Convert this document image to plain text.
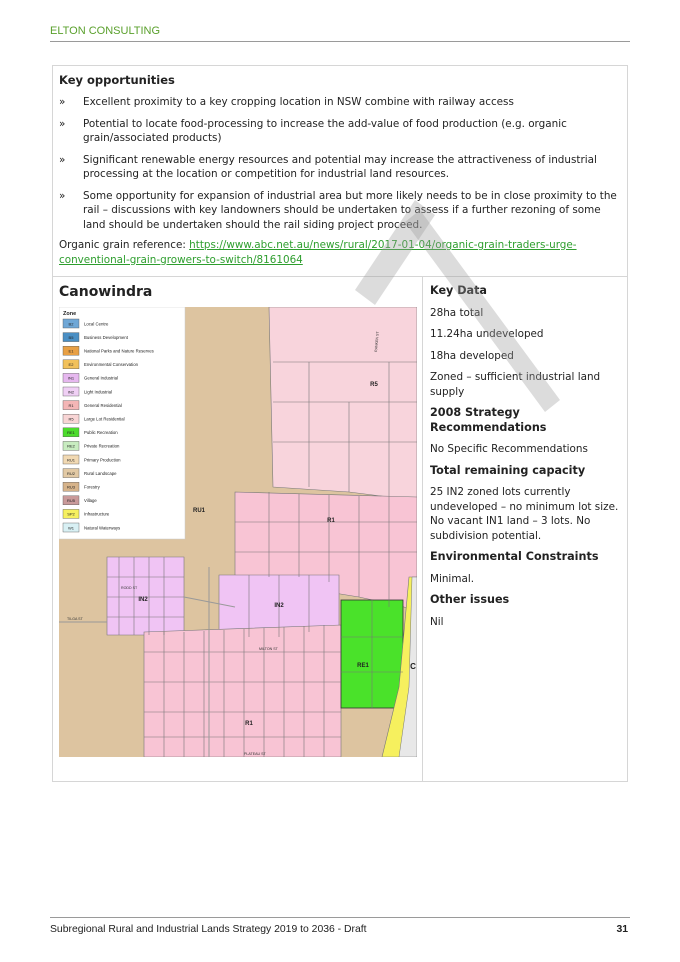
ELTON CONSULTING
Key opportunities
» Excellent proximity to a key cropping location in NSW combine with railway access
» Potential to locate food-processing to increase the add-value of food production (e.g. organic grain/associated products)
» Significant renewable energy resources and potential may increase the attractiveness of industrial processing at the location or competition for industrial land resources.
» Some opportunity for expansion of industrial area but more likely needs to be in close proximity to the rail – discussions with key landowners should be undertaken to assess if a further rezoning of some land should be undertaken should the rail siding project proceed.
Organic grain reference: https://www.abc.net.au/news/rural/2017-01-04/organic-grain-traders-urge-conventional-grain-growers-to-switch/8161064
Canowindra
R5
R1
RU1
IN2
IN2
RE1
R1
C
RANKEN ST
RODD ST
TILGA ST
MILTON ST
PLATEAU ST
Zone
B2 Local Centre
B5 Business Development
E1 National Parks and Nature Reserves
E2 Environmental Conservation
IN1 General Industrial
IN2 Light Industrial
R1 General Residential
R5 Large Lot Residential
RE1 Public Recreation
RE2 Private Recreation
RU1 Primary Production
RU2 Rural Landscape
RU3 Forestry
RU5 Village
SP2 Infrastructure
W1 Natural Waterways
Key Data
28ha total
11.24ha undeveloped
18ha developed
Zoned – sufficient industrial land supply
2008 Strategy Recommendations
No Specific Recommendations
Total remaining capacity
25 IN2 zoned lots currently undeveloped – no minimum lot size. No vacant IN1 land – 3 lots. No subdivision potential.
Environmental Constraints
Minimal.
Other issues
Nil
Subregional Rural and Industrial Lands Strategy 2019 to 2036 - Draft	31
